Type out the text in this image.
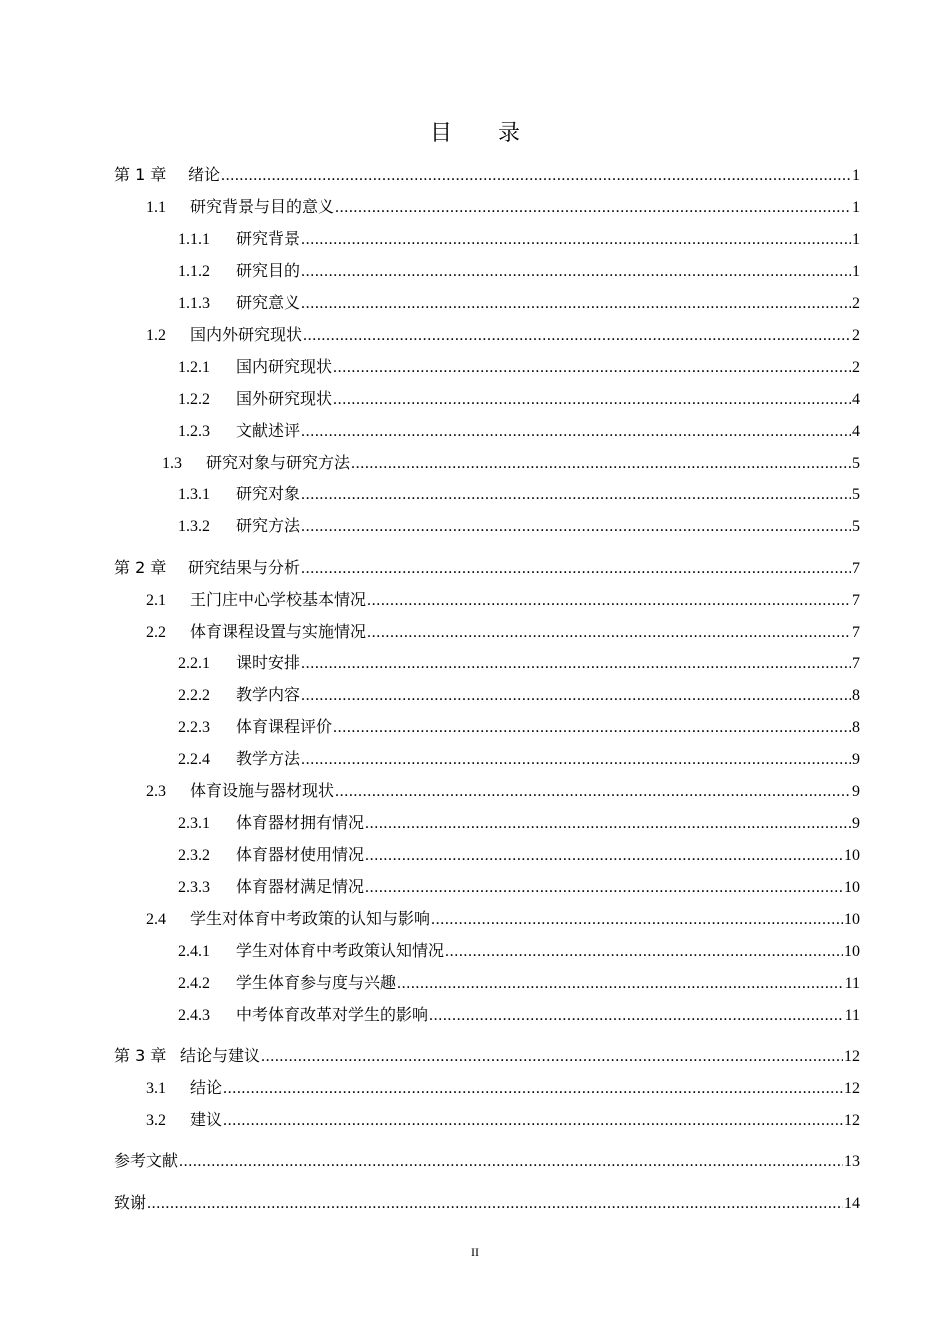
目 录
第 1 章	绪论 .....	1
1.1	研究背景与目的意义 .....	1
1.1.1	研究背景 .....	1
1.1.2	研究目的 .....	1
1.1.3	研究意义 .....	2
1.2	国内外研究现状 .....	2
1.2.1	国内研究现状 .....	2
1.2.2	国外研究现状 .....	4
1.2.3	文献述评 .....	4
1.3	研究对象与研究方法 .....	5
1.3.1	研究对象 .....	5
1.3.2	研究方法 .....	5
第 2 章	研究结果与分析 .....	7
2.1	王门庄中心学校基本情况 .....	7
2.2	体育课程设置与实施情况 .....	7
2.2.1	课时安排 .....	7
2.2.2	教学内容 .....	8
2.2.3	体育课程评价 .....	8
2.2.4	教学方法 .....	9
2.3	体育设施与器材现状 .....	9
2.3.1	体育器材拥有情况 .....	9
2.3.2	体育器材使用情况 .....	10
2.3.3	体育器材满足情况 .....	10
2.4	学生对体育中考政策的认知与影响 .....	10
2.4.1	学生对体育中考政策认知情况 .....	10
2.4.2	学生体育参与度与兴趣 .....	11
2.4.3	中考体育改革对学生的影响 .....	11
第 3 章 结论与建议 .....	12
3.1	结论 .....	12
3.2	建议 .....	12
参考文献 .....	13
致谢 .....	14
II
